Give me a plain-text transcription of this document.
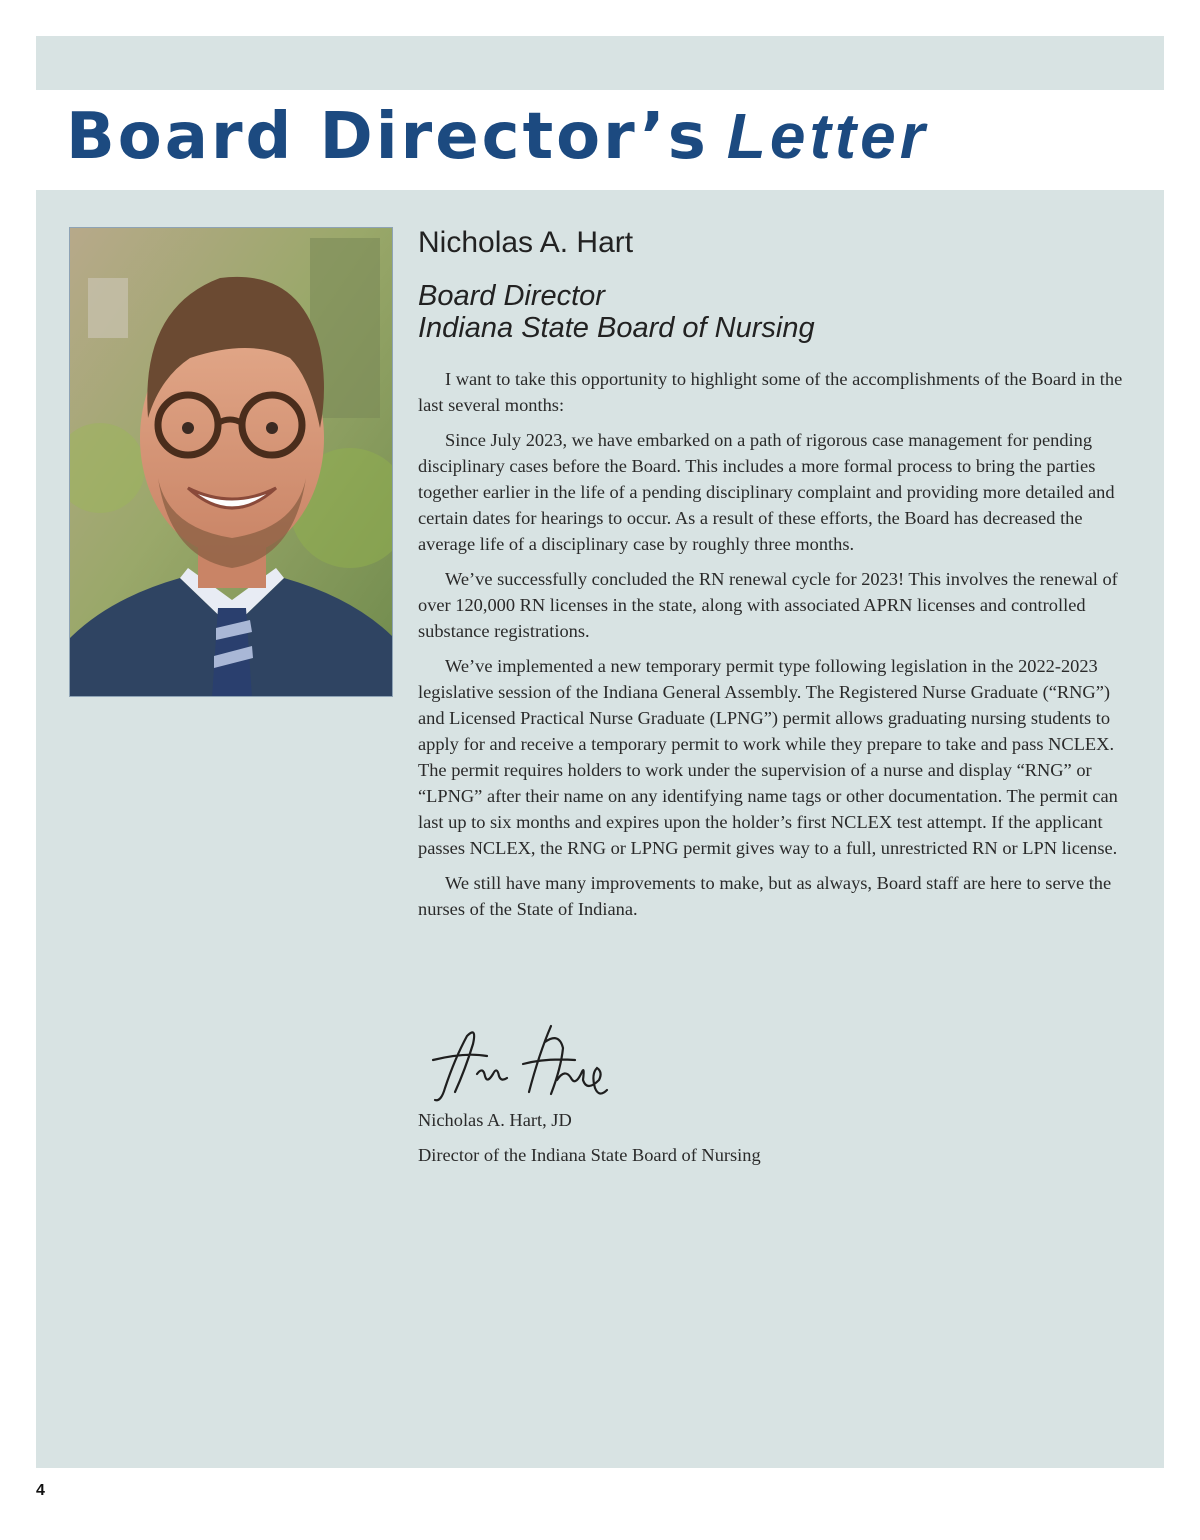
Board Director’s Letter
Nicholas A. Hart
Board Director
Indiana State Board of Nursing

I want to take this opportunity to highlight some of the accomplishments of the Board in the last several months:

Since July 2023, we have embarked on a path of rigorous case management for pending disciplinary cases before the Board. This includes a more formal process to bring the parties together earlier in the life of a pending disciplinary complaint and providing more detailed and certain dates for hearings to occur. As a result of these efforts, the Board has decreased the average life of a disciplinary case by roughly three months.

We’ve successfully concluded the RN renewal cycle for 2023! This involves the renewal of over 120,000 RN licenses in the state, along with associated APRN licenses and controlled substance registrations.

We’ve implemented a new temporary permit type following legislation in the 2022-2023 legislative session of the Indiana General Assembly. The Registered Nurse Graduate (“RNG”) and Licensed Practical Nurse Graduate (LPNG”) permit allows graduating nursing students to apply for and receive a temporary permit to work while they prepare to take and pass NCLEX. The permit requires holders to work under the supervision of a nurse and display “RNG” or “LPNG” after their name on any identifying name tags or other documentation. The permit can last up to six months and expires upon the holder’s first NCLEX test attempt. If the applicant passes NCLEX, the RNG or LPNG permit gives way to a full, unrestricted RN or LPN license.

We still have many improvements to make, but as always, Board staff are here to serve the nurses of the State of Indiana.

Nicholas A. Hart, JD
Director of the Indiana State Board of Nursing
4
